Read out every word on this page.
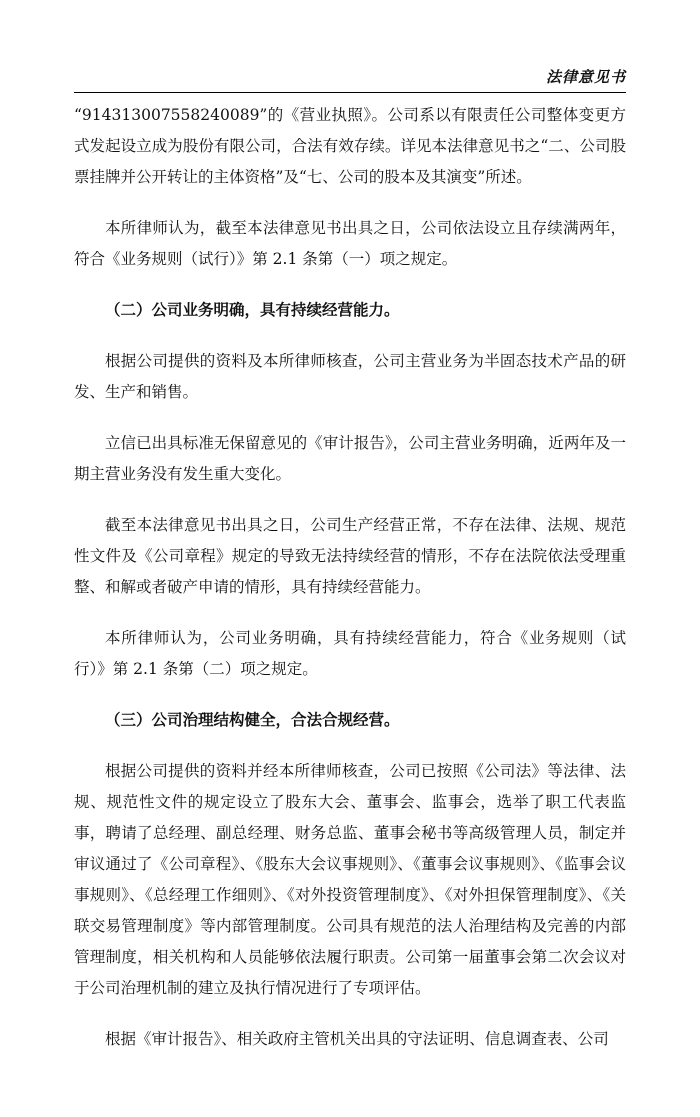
法律意见书

“914313007558240089”的《营业执照》。公司系以有限责任公司整体变更方式发起设立成为股份有限公司，合法有效存续。详见本法律意见书之“二、公司股票挂牌并公开转让的主体资格”及“七、公司的股本及其演变”所述。

本所律师认为，截至本法律意见书出具之日，公司依法设立且存续满两年，符合《业务规则（试行）》第 2.1 条第（一）项之规定。

（二）公司业务明确，具有持续经营能力。

根据公司提供的资料及本所律师核查，公司主营业务为半固态技术产品的研发、生产和销售。

立信已出具标准无保留意见的《审计报告》，公司主营业务明确，近两年及一期主营业务没有发生重大变化。

截至本法律意见书出具之日，公司生产经营正常，不存在法律、法规、规范性文件及《公司章程》规定的导致无法持续经营的情形，不存在法院依法受理重整、和解或者破产申请的情形，具有持续经营能力。

本所律师认为，公司业务明确，具有持续经营能力，符合《业务规则（试行）》第 2.1 条第（二）项之规定。

（三）公司治理结构健全，合法合规经营。

根据公司提供的资料并经本所律师核查，公司已按照《公司法》等法律、法规、规范性文件的规定设立了股东大会、董事会、监事会，选举了职工代表监事，聘请了总经理、副总经理、财务总监、董事会秘书等高级管理人员，制定并审议通过了《公司章程》、《股东大会议事规则》、《董事会议事规则》、《监事会议事规则》、《总经理工作细则》、《对外投资管理制度》、《对外担保管理制度》、《关联交易管理制度》等内部管理制度。公司具有规范的法人治理结构及完善的内部管理制度，相关机构和人员能够依法履行职责。公司第一届董事会第二次会议对于公司治理机制的建立及执行情况进行了专项评估。

根据《审计报告》、相关政府主管机关出具的守法证明、信息调查表、公司
